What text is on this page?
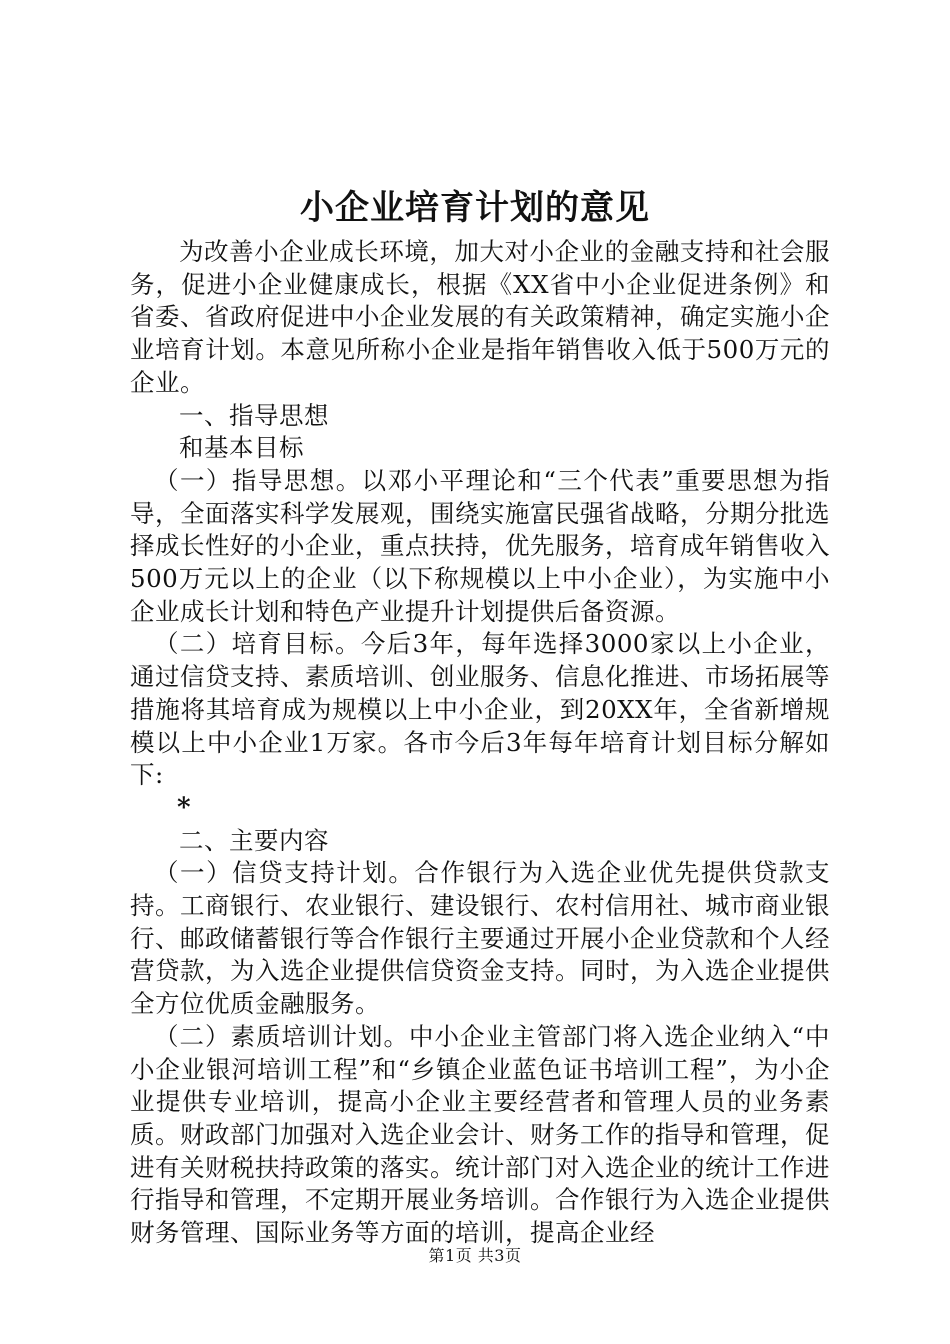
小企业培育计划的意见

为改善小企业成长环境，加大对小企业的金融支持和社会服务，促进小企业健康成长，根据《XX省中小企业促进条例》和省委、省政府促进中小企业发展的有关政策精神，确定实施小企业培育计划。本意见所称小企业是指年销售收入低于500万元的企业。

一、指导思想

和基本目标

（一）指导思想。以邓小平理论和“三个代表”重要思想为指导，全面落实科学发展观，围绕实施富民强省战略，分期分批选择成长性好的小企业，重点扶持，优先服务，培育成年销售收入500万元以上的企业（以下称规模以上中小企业），为实施中小企业成长计划和特色产业提升计划提供后备资源。

（二）培育目标。今后3年，每年选择3000家以上小企业，通过信贷支持、素质培训、创业服务、信息化推进、市场拓展等措施将其培育成为规模以上中小企业，到20XX年，全省新增规模以上中小企业1万家。各市今后3年每年培育计划目标分解如下:

*

二、主要内容

（一）信贷支持计划。合作银行为入选企业优先提供贷款支持。工商银行、农业银行、建设银行、农村信用社、城市商业银行、邮政储蓄银行等合作银行主要通过开展小企业贷款和个人经营贷款，为入选企业提供信贷资金支持。同时，为入选企业提供全方位优质金融服务。

（二）素质培训计划。中小企业主管部门将入选企业纳入“中小企业银河培训工程”和“乡镇企业蓝色证书培训工程”，为小企业提供专业培训，提高小企业主要经营者和管理人员的业务素质。财政部门加强对入选企业会计、财务工作的指导和管理，促进有关财税扶持政策的落实。统计部门对入选企业的统计工作进行指导和管理，不定期开展业务培训。合作银行为入选企业提供财务管理、国际业务等方面的培训，提高企业经

第1页 共3页
